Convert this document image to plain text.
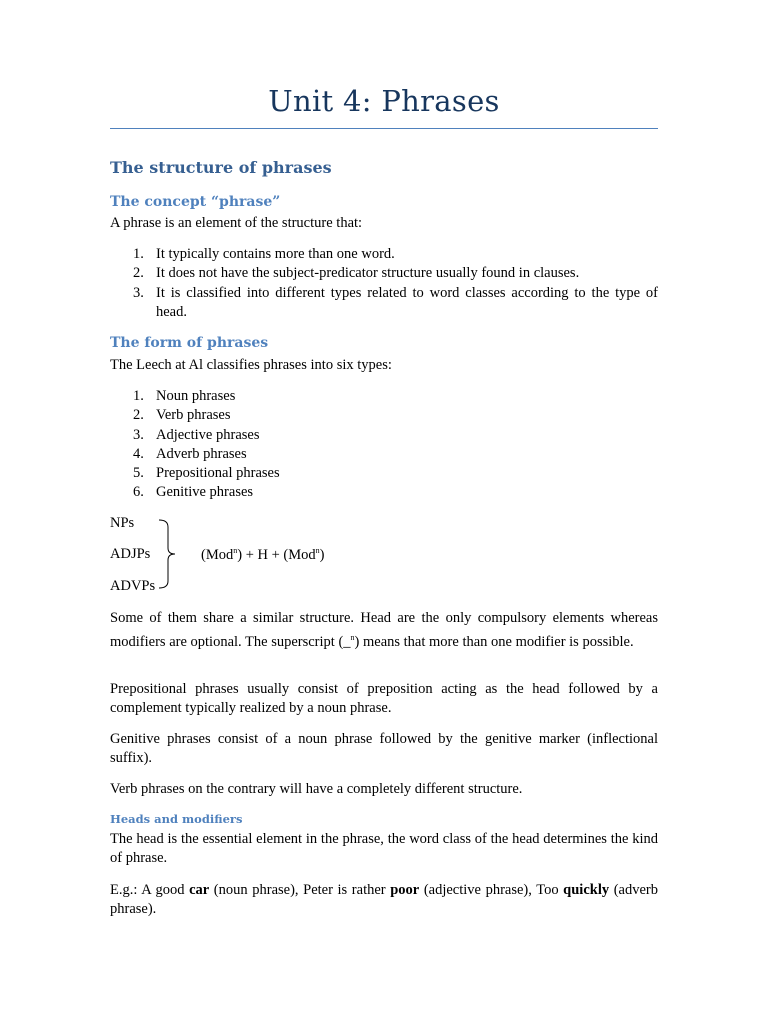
Unit 4: Phrases
The structure of phrases
The concept “phrase”
A phrase is an element of the structure that:
1. It typically contains more than one word.
2. It does not have the subject-predicator structure usually found in clauses.
3. It is classified into different types related to word classes according to the type of head.
The form of phrases
The Leech at Al classifies phrases into six types:
1. Noun phrases
2. Verb phrases
3. Adjective phrases
4. Adverb phrases
5. Prepositional phrases
6. Genitive phrases
NPs
ADJPs
ADVPs
(Mod$^n$) + H + (Mod$^n$)
Some of them share a similar structure. Head are the only compulsory elements whereas modifiers are optional. The superscript (_$^n$) means that more than one modifier is possible.
Prepositional phrases usually consist of preposition acting as the head followed by a complement typically realized by a noun phrase.
Genitive phrases consist of a noun phrase followed by the genitive marker (inflectional suffix).
Verb phrases on the contrary will have a completely different structure.
Heads and modifiers
The head is the essential element in the phrase, the word class of the head determines the kind of phrase.
E.g.: A good car (noun phrase), Peter is rather poor (adjective phrase), Too quickly (adverb phrase).
